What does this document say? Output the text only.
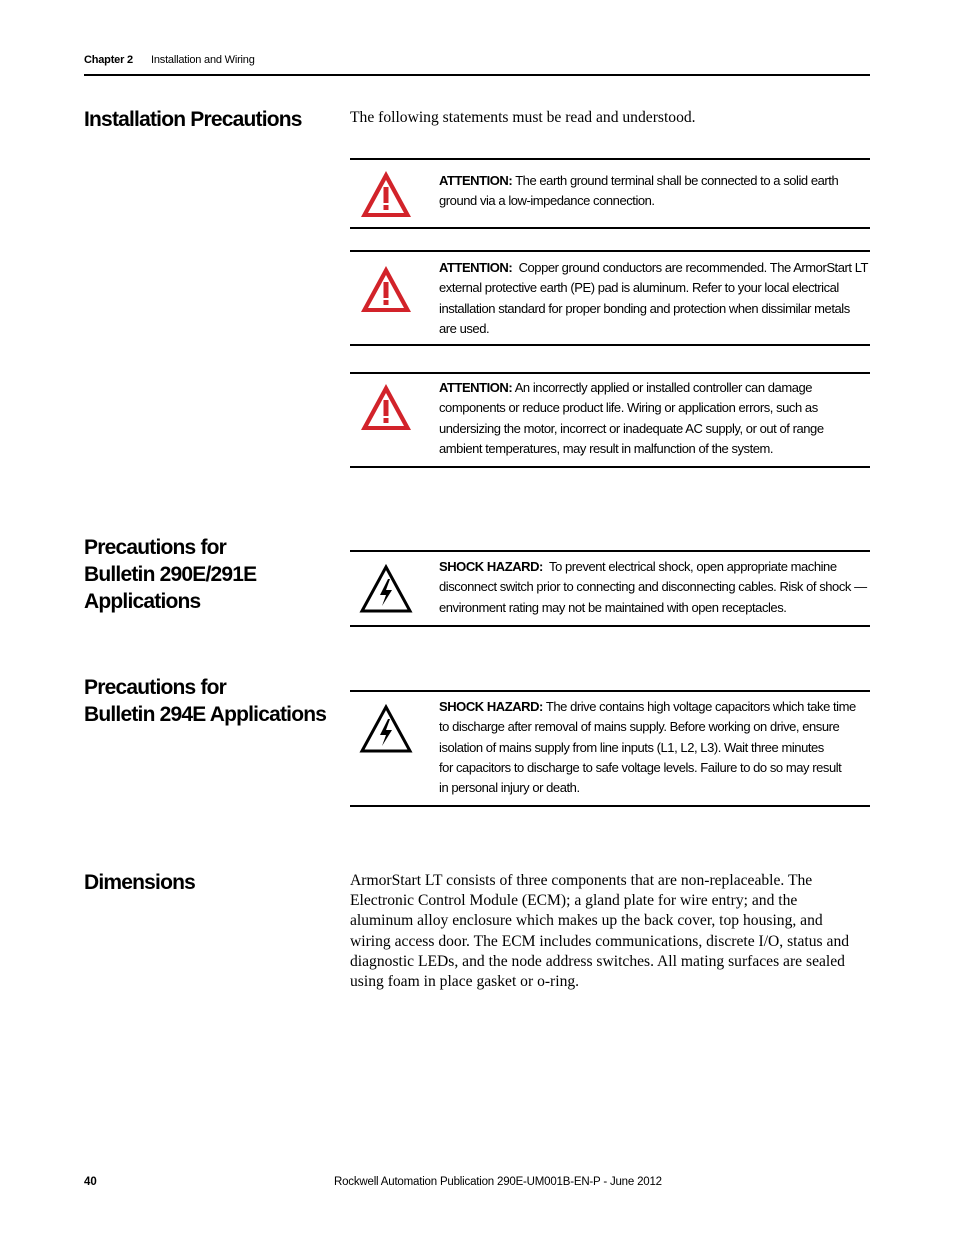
Chapter 2 Installation and Wiring
Installation Precautions	The following statements must be read and understood.
ATTENTION: The earth ground terminal shall be connected to a solid earth
ground via a low-impedance connection.
ATTENTION: Copper ground conductors are recommended. The ArmorStart LT
external protective earth (PE) pad is aluminum. Refer to your local electrical
installation standard for proper bonding and protection when dissimilar metals
are used.
ATTENTION: An incorrectly applied or installed controller can damage
components or reduce product life. Wiring or application errors, such as
undersizing the motor, incorrect or inadequate AC supply, or out of range
ambient temperatures, may result in malfunction of the system.
Precautions for
Bulletin 290E/291E
Applications
SHOCK HAZARD: To prevent electrical shock, open appropriate machine
disconnect switch prior to connecting and disconnecting cables. Risk of shock —
environment rating may not be maintained with open receptacles.
Precautions for
Bulletin 294E Applications	SHOCK HAZARD: The drive contains high voltage capacitors which take time
to discharge after removal of mains supply. Before working on drive, ensure
isolation of mains supply from line inputs (L1, L2, L3). Wait three minutes
for capacitors to discharge to safe voltage levels. Failure to do so may result
in personal injury or death.
Dimensions	ArmorStart LT consists of three components that are non-replaceable. The
Electronic Control Module (ECM); a gland plate for wire entry; and the
aluminum alloy enclosure which makes up the back cover, top housing, and
wiring access door. The ECM includes communications, discrete I/O, status and
diagnostic LEDs, and the node address switches. All mating surfaces are sealed
using foam in place gasket or o-ring.
40	Rockwell Automation Publication 290E-UM001B-EN-P - June 2012
